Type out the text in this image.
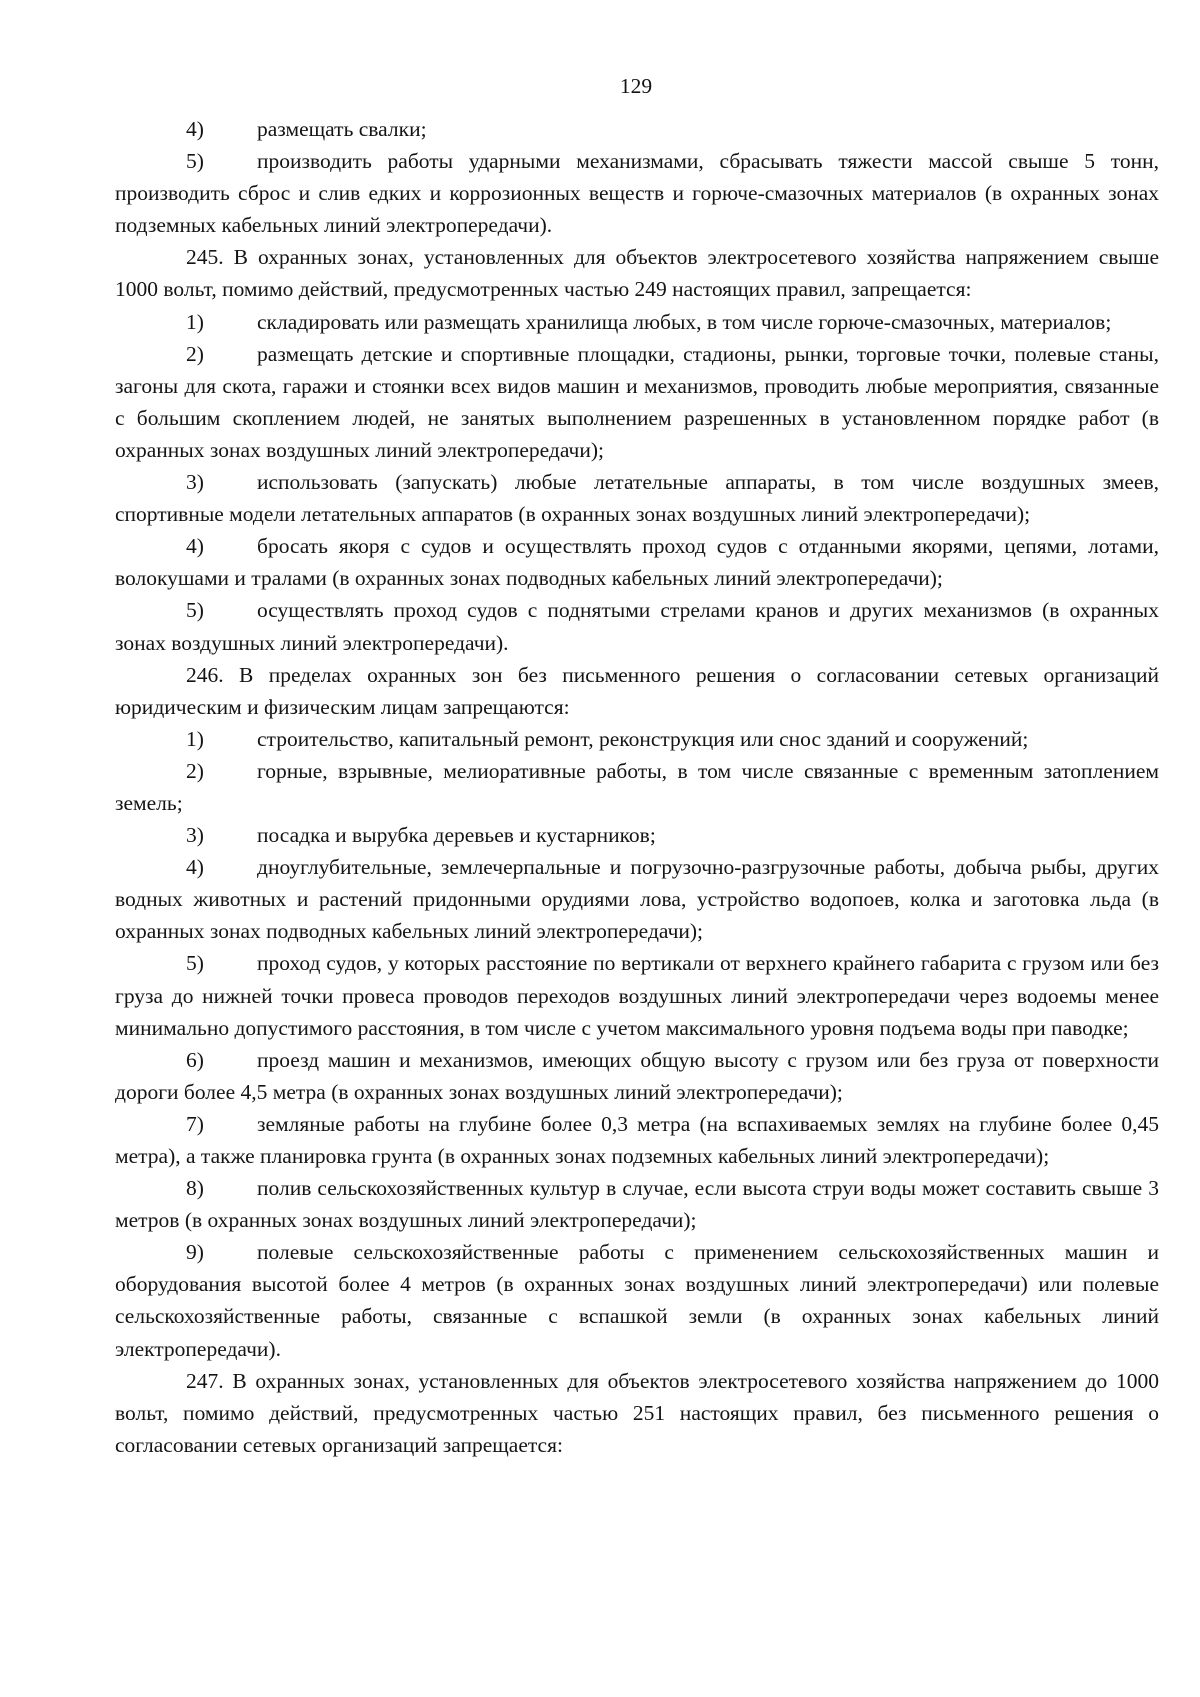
129

4) размещать свалки;

5) производить работы ударными механизмами, сбрасывать тяжести массой свыше 5 тонн, производить сброс и слив едких и коррозионных веществ и горюче-смазочных материалов (в охранных зонах подземных кабельных линий электропередачи).

245. В охранных зонах, установленных для объектов электросетевого хозяйства напряжением свыше 1000 вольт, помимо действий, предусмотренных частью 249 настоящих правил, запрещается:

1) складировать или размещать хранилища любых, в том числе горюче-смазочных, материалов;

2) размещать детские и спортивные площадки, стадионы, рынки, торговые точки, полевые станы, загоны для скота, гаражи и стоянки всех видов машин и механизмов, проводить любые мероприятия, связанные с большим скоплением людей, не занятых выполнением разрешенных в установленном порядке работ (в охранных зонах воздушных линий электропередачи);

3) использовать (запускать) любые летательные аппараты, в том числе воздушных змеев, спортивные модели летательных аппаратов (в охранных зонах воздушных линий электропередачи);

4) бросать якоря с судов и осуществлять проход судов с отданными якорями, цепями, лотами, волокушами и тралами (в охранных зонах подводных кабельных линий электропередачи);

5) осуществлять проход судов с поднятыми стрелами кранов и других механизмов (в охранных зонах воздушных линий электропередачи).

246. В пределах охранных зон без письменного решения о согласовании сетевых организаций юридическим и физическим лицам запрещаются:

1) строительство, капитальный ремонт, реконструкция или снос зданий и сооружений;

2) горные, взрывные, мелиоративные работы, в том числе связанные с временным затоплением земель;

3) посадка и вырубка деревьев и кустарников;

4) дноуглубительные, землечерпальные и погрузочно-разгрузочные работы, добыча рыбы, других водных животных и растений придонными орудиями лова, устройство водопоев, колка и заготовка льда (в охранных зонах подводных кабельных линий электропередачи);

5) проход судов, у которых расстояние по вертикали от верхнего крайнего габарита с грузом или без груза до нижней точки провеса проводов переходов воздушных линий электропередачи через водоемы менее минимально допустимого расстояния, в том числе с учетом максимального уровня подъема воды при паводке;

6) проезд машин и механизмов, имеющих общую высоту с грузом или без груза от поверхности дороги более 4,5 метра (в охранных зонах воздушных линий электропередачи);

7) земляные работы на глубине более 0,3 метра (на вспахиваемых землях на глубине более 0,45 метра), а также планировка грунта (в охранных зонах подземных кабельных линий электропередачи);

8) полив сельскохозяйственных культур в случае, если высота струи воды может составить свыше 3 метров (в охранных зонах воздушных линий электропередачи);

9) полевые сельскохозяйственные работы с применением сельскохозяйственных машин и оборудования высотой более 4 метров (в охранных зонах воздушных линий электропередачи) или полевые сельскохозяйственные работы, связанные с вспашкой земли (в охранных зонах кабельных линий электропередачи).

247. В охранных зонах, установленных для объектов электросетевого хозяйства напряжением до 1000 вольт, помимо действий, предусмотренных частью 251 настоящих правил, без письменного решения о согласовании сетевых организаций запрещается:
